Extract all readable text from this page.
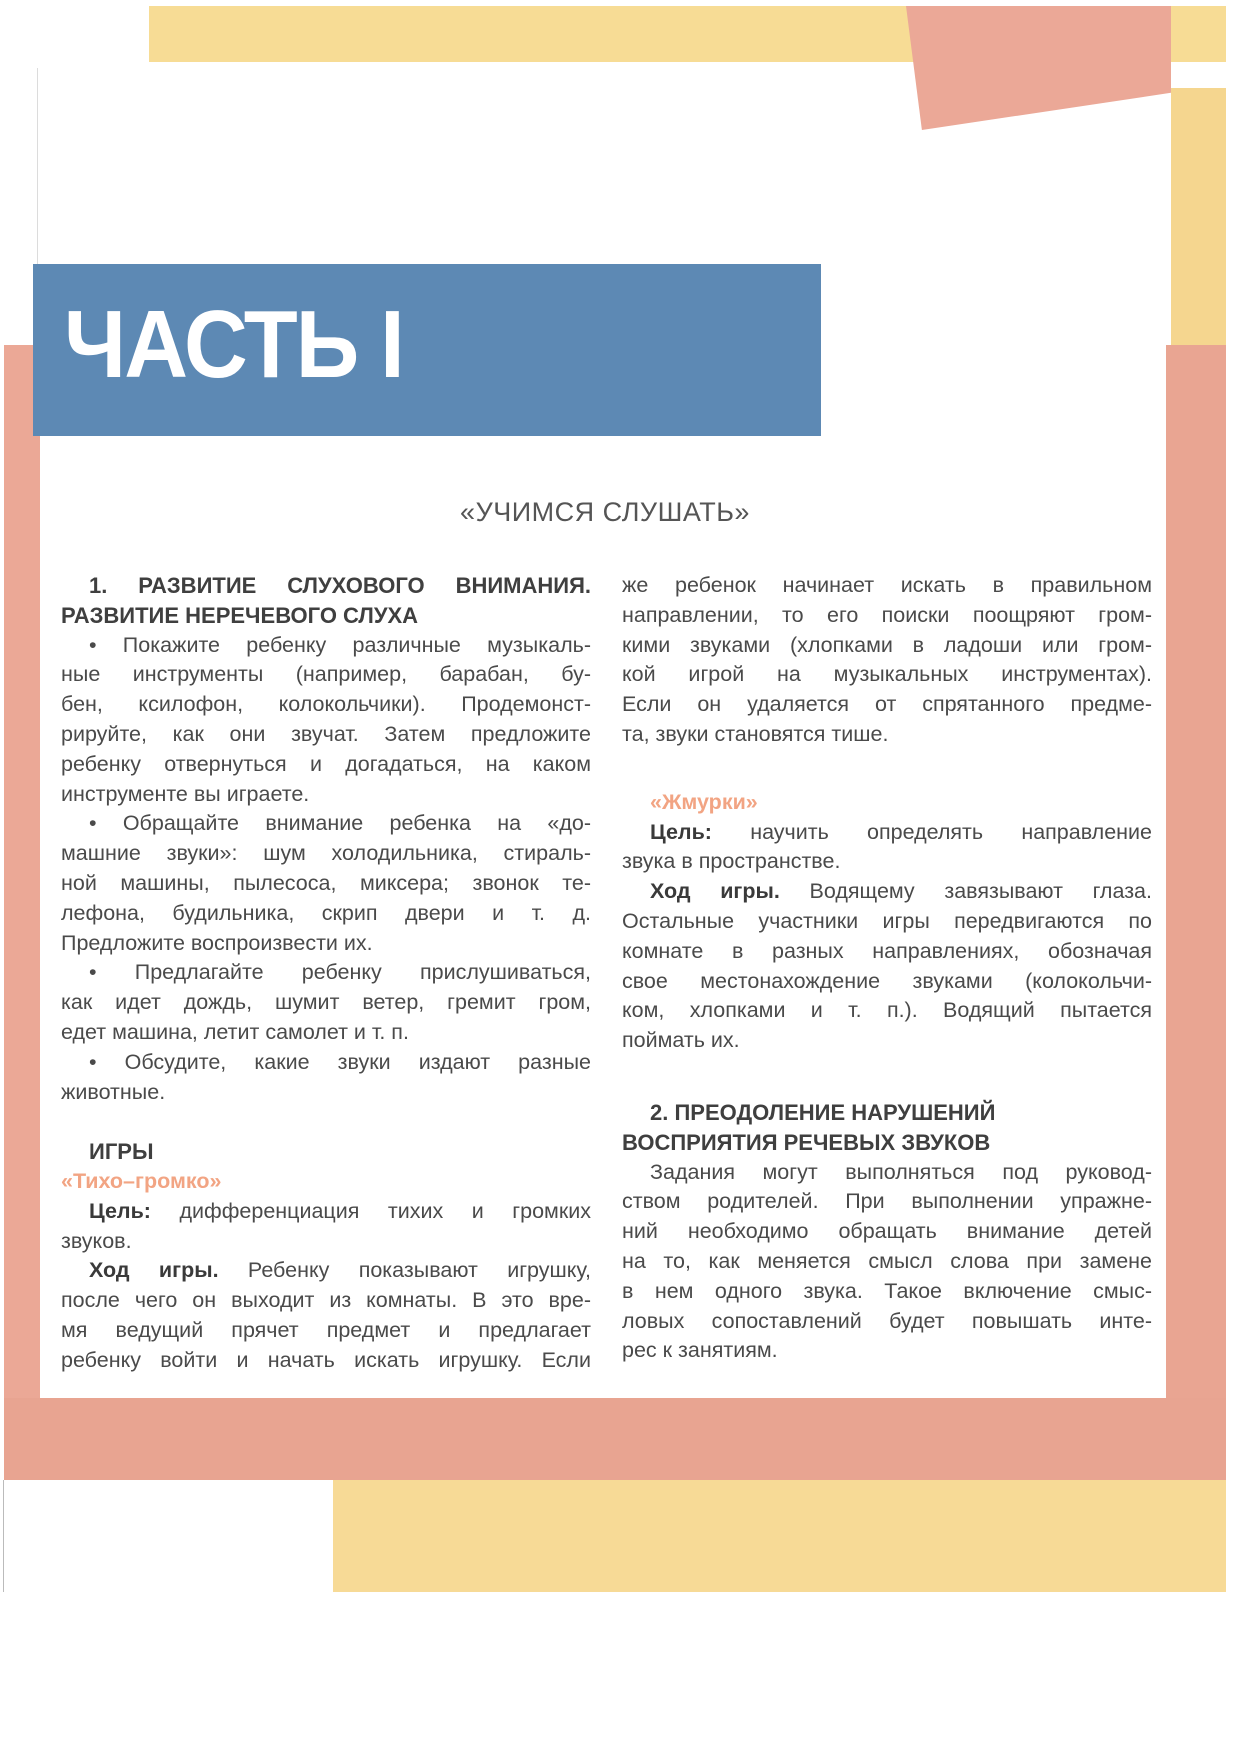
ЧАСТЬ I
«УЧИМСЯ СЛУШАТЬ»
1. РАЗВИТИЕ СЛУХОВОГО ВНИМАНИЯ.
РАЗВИТИЕ НЕРЕЧЕВОГО СЛУХА
• Покажите ребенку различные музыкаль-
ные инструменты (например, барабан, бу-
бен, ксилофон, колокольчики). Продемонст-
рируйте, как они звучат. Затем предложите
ребенку отвернуться и догадаться, на каком
инструменте вы играете.
• Обращайте внимание ребенка на «до-
машние звуки»: шум холодильника, стираль-
ной машины, пылесоса, миксера; звонок те-
лефона, будильника, скрип двери и т. д.
Предложите воспроизвести их.
• Предлагайте ребенку прислушиваться,
как идет дождь, шумит ветер, гремит гром,
едет машина, летит самолет и т. п.
• Обсудите, какие звуки издают разные
животные.
ИГРЫ
«Тихо–громко»
Цель: дифференциация тихих и громких
звуков.
Ход игры. Ребенку показывают игрушку,
после чего он выходит из комнаты. В это вре-
мя ведущий прячет предмет и предлагает
ребенку войти и начать искать игрушку. Если
же ребенок начинает искать в правильном
направлении, то его поиски поощряют гром-
кими звуками (хлопками в ладоши или гром-
кой игрой на музыкальных инструментах).
Если он удаляется от спрятанного предме-
та, звуки становятся тише.
«Жмурки»
Цель: научить определять направление
звука в пространстве.
Ход игры. Водящему завязывают глаза.
Остальные участники игры передвигаются по
комнате в разных направлениях, обозначая
свое местонахождение звуками (колокольчи-
ком, хлопками и т. п.). Водящий пытается
поймать их.
2. ПРЕОДОЛЕНИЕ НАРУШЕНИЙ
ВОСПРИЯТИЯ РЕЧЕВЫХ ЗВУКОВ
Задания могут выполняться под руковод-
ством родителей. При выполнении упражне-
ний необходимо обращать внимание детей
на то, как меняется смысл слова при замене
в нем одного звука. Такое включение смыс-
ловых сопоставлений будет повышать инте-
рес к занятиям.
